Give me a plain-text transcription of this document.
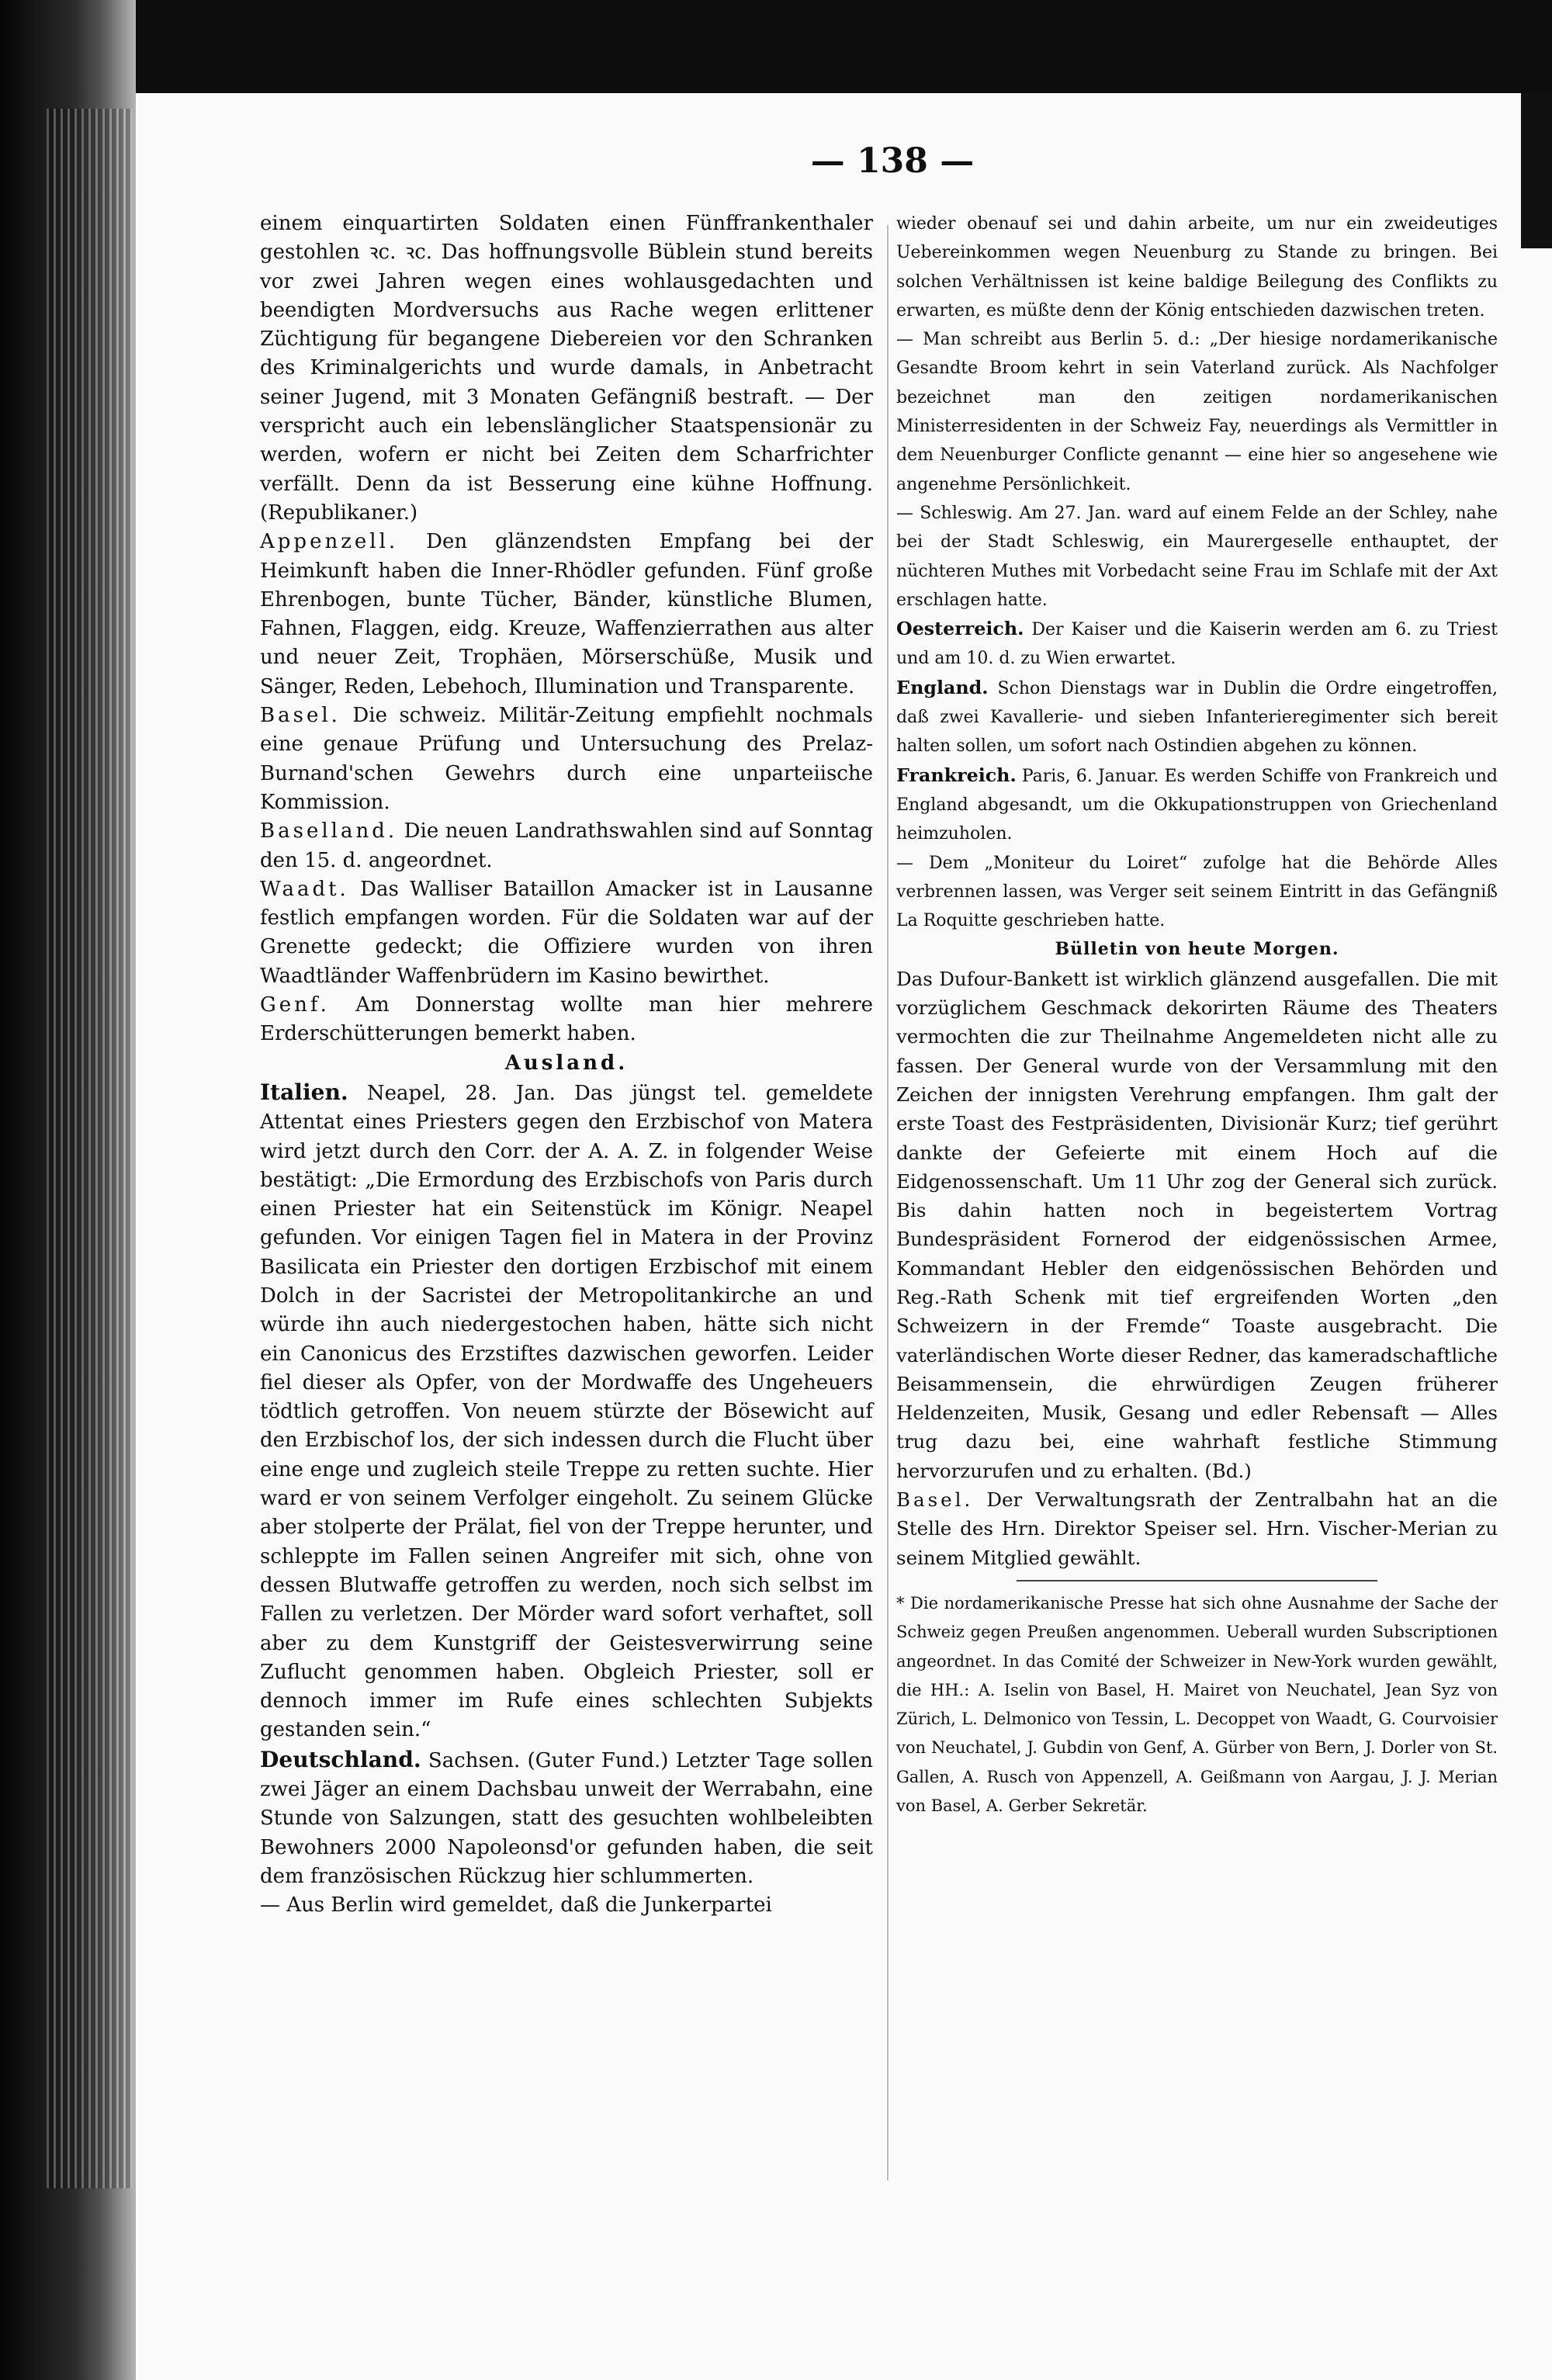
— 138 —

einem einquartirten Soldaten einen Fünffrankenthaler gestohlen ꝛc. ꝛc. Das hoffnungsvolle Büblein stund bereits vor zwei Jahren wegen eines wohlausgedachten und beendigten Mordversuchs aus Rache wegen erlittener Züchtigung für begangene Diebereien vor den Schranken des Kriminalgerichts und wurde damals, in Anbetracht seiner Jugend, mit 3 Monaten Gefängniß bestraft. — Der verspricht auch ein lebenslänglicher Staatspensionär zu werden, wofern er nicht bei Zeiten dem Scharfrichter verfällt. Denn da ist Besserung eine kühne Hoffnung. (Republikaner.)

Appenzell. Den glänzendsten Empfang bei der Heimkunft haben die Inner-Rhödler gefunden. Fünf große Ehrenbogen, bunte Tücher, Bänder, künstliche Blumen, Fahnen, Flaggen, eidg. Kreuze, Waffenzierrathen aus alter und neuer Zeit, Trophäen, Mörserschüße, Musik und Sänger, Reden, Lebehoch, Illumination und Transparente.

Basel. Die schweiz. Militär-Zeitung empfiehlt nochmals eine genaue Prüfung und Untersuchung des Prelaz-Burnand'schen Gewehrs durch eine unparteiische Kommission.

Baselland. Die neuen Landrathswahlen sind auf Sonntag den 15. d. angeordnet.

Waadt. Das Walliser Bataillon Amacker ist in Lausanne festlich empfangen worden. Für die Soldaten war auf der Grenette gedeckt; die Offiziere wurden von ihren Waadtländer Waffenbrüdern im Kasino bewirthet.

Genf. Am Donnerstag wollte man hier mehrere Erderschütterungen bemerkt haben.

Ausland.

Italien. Neapel, 28. Jan. Das jüngst tel. gemeldete Attentat eines Priesters gegen den Erzbischof von Matera wird jetzt durch den Corr. der A. A. Z. in folgender Weise bestätigt: „Die Ermordung des Erzbischofs von Paris durch einen Priester hat ein Seitenstück im Königr. Neapel gefunden. Vor einigen Tagen fiel in Matera in der Provinz Basilicata ein Priester den dortigen Erzbischof mit einem Dolch in der Sacristei der Metropolitankirche an und würde ihn auch niedergestochen haben, hätte sich nicht ein Canonicus des Erzstiftes dazwischen geworfen. Leider fiel dieser als Opfer, von der Mordwaffe des Ungeheuers tödtlich getroffen. Von neuem stürzte der Bösewicht auf den Erzbischof los, der sich indessen durch die Flucht über eine enge und zugleich steile Treppe zu retten suchte. Hier ward er von seinem Verfolger eingeholt. Zu seinem Glücke aber stolperte der Prälat, fiel von der Treppe herunter, und schleppte im Fallen seinen Angreifer mit sich, ohne von dessen Blutwaffe getroffen zu werden, noch sich selbst im Fallen zu verletzen. Der Mörder ward sofort verhaftet, soll aber zu dem Kunstgriff der Geistesverwirrung seine Zuflucht genommen haben. Obgleich Priester, soll er dennoch immer im Rufe eines schlechten Subjekts gestanden sein.“

Deutschland. Sachsen. (Guter Fund.) Letzter Tage sollen zwei Jäger an einem Dachsbau unweit der Werrabahn, eine Stunde von Salzungen, statt des gesuchten wohlbeleibten Bewohners 2000 Napoleonsd'or gefunden haben, die seit dem französischen Rückzug hier schlummerten.

— Aus Berlin wird gemeldet, daß die Junkerpartei

wieder obenauf sei und dahin arbeite, um nur ein zweideutiges Uebereinkommen wegen Neuenburg zu Stande zu bringen. Bei solchen Verhältnissen ist keine baldige Beilegung des Conflikts zu erwarten, es müßte denn der König entschieden dazwischen treten.

— Man schreibt aus Berlin 5. d.: „Der hiesige nordamerikanische Gesandte Broom kehrt in sein Vaterland zurück. Als Nachfolger bezeichnet man den zeitigen nordamerikanischen Ministerresidenten in der Schweiz Fay, neuerdings als Vermittler in dem Neuenburger Conflicte genannt — eine hier so angesehene wie angenehme Persönlichkeit.

— Schleswig. Am 27. Jan. ward auf einem Felde an der Schley, nahe bei der Stadt Schleswig, ein Maurergeselle enthauptet, der nüchteren Muthes mit Vorbedacht seine Frau im Schlafe mit der Axt erschlagen hatte.

Oesterreich. Der Kaiser und die Kaiserin werden am 6. zu Triest und am 10. d. zu Wien erwartet.

England. Schon Dienstags war in Dublin die Ordre eingetroffen, daß zwei Kavallerie- und sieben Infanterieregimenter sich bereit halten sollen, um sofort nach Ostindien abgehen zu können.

Frankreich. Paris, 6. Januar. Es werden Schiffe von Frankreich und England abgesandt, um die Okkupationstruppen von Griechenland heimzuholen.

— Dem „Moniteur du Loiret“ zufolge hat die Behörde Alles verbrennen lassen, was Verger seit seinem Eintritt in das Gefängniß La Roquitte geschrieben hatte.

Bülletin von heute Morgen.

Das Dufour-Bankett ist wirklich glänzend ausgefallen. Die mit vorzüglichem Geschmack dekorirten Räume des Theaters vermochten die zur Theilnahme Angemeldeten nicht alle zu fassen. Der General wurde von der Versammlung mit den Zeichen der innigsten Verehrung empfangen. Ihm galt der erste Toast des Festpräsidenten, Divisionär Kurz; tief gerührt dankte der Gefeierte mit einem Hoch auf die Eidgenossenschaft. Um 11 Uhr zog der General sich zurück. Bis dahin hatten noch in begeistertem Vortrag Bundespräsident Fornerod der eidgenössischen Armee, Kommandant Hebler den eidgenössischen Behörden und Reg.-Rath Schenk mit tief ergreifenden Worten „den Schweizern in der Fremde“ Toaste ausgebracht. Die vaterländischen Worte dieser Redner, das kameradschaftliche Beisammensein, die ehrwürdigen Zeugen früherer Heldenzeiten, Musik, Gesang und edler Rebensaft — Alles trug dazu bei, eine wahrhaft festliche Stimmung hervorzurufen und zu erhalten. (Bd.)

Basel. Der Verwaltungsrath der Zentralbahn hat an die Stelle des Hrn. Direktor Speiser sel. Hrn. Vischer-Merian zu seinem Mitglied gewählt.

* Die nordamerikanische Presse hat sich ohne Ausnahme der Sache der Schweiz gegen Preußen angenommen. Ueberall wurden Subscriptionen angeordnet. In das Comité der Schweizer in New-York wurden gewählt, die HH.: A. Iselin von Basel, H. Mairet von Neuchatel, Jean Syz von Zürich, L. Delmonico von Tessin, L. Decoppet von Waadt, G. Courvoisier von Neuchatel, J. Gubdin von Genf, A. Gürber von Bern, J. Dorler von St. Gallen, A. Rusch von Appenzell, A. Geißmann von Aargau, J. J. Merian von Basel, A. Gerber Sekretär.
